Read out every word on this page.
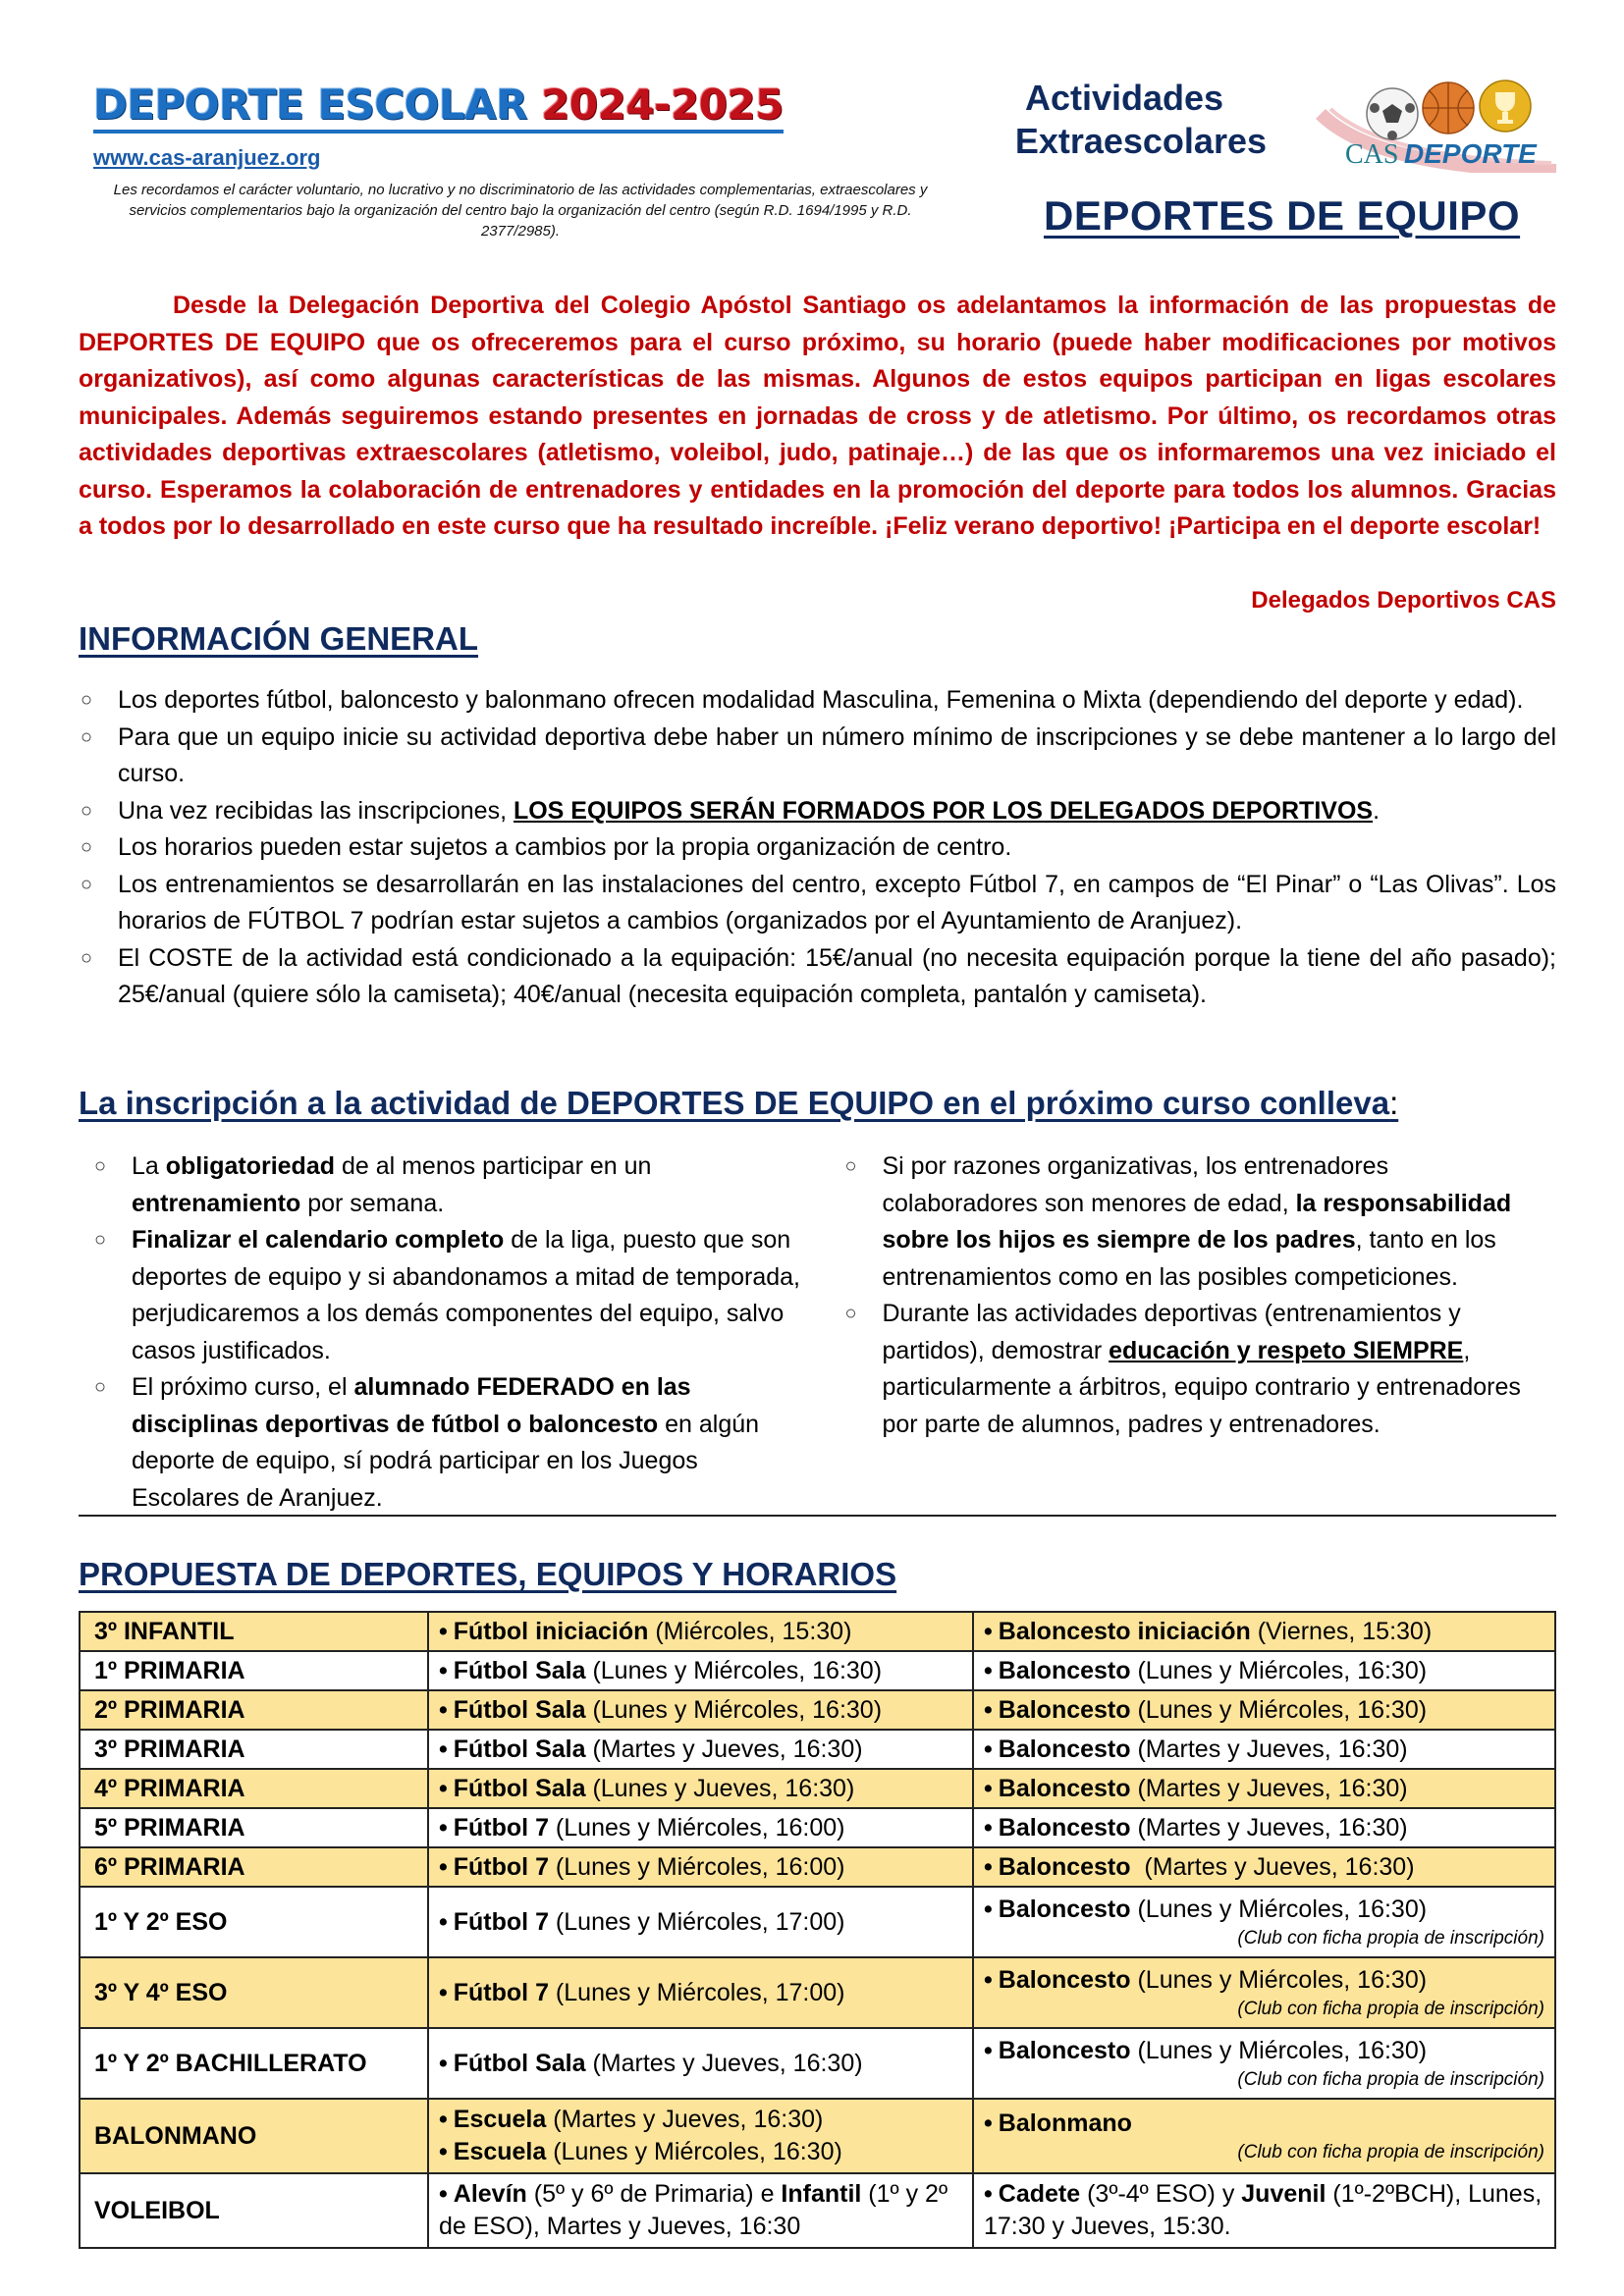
DEPORTE ESCOLAR 2024-2025
www.cas-aranjuez.org
Les recordamos el carácter voluntario, no lucrativo y no discriminatorio de las actividades complementarias, extraescolares y servicios complementarios bajo la organización del centro bajo la organización del centro (según R.D. 1694/1995 y R.D. 2377/2985).
Actividades
Extraescolares	CAS DEPORTE
DEPORTES DE EQUIPO
Desde la Delegación Deportiva del Colegio Apóstol Santiago os adelantamos la información de las propuestas de DEPORTES DE EQUIPO que os ofreceremos para el curso próximo, su horario (puede haber modificaciones por motivos organizativos), así como algunas características de las mismas. Algunos de estos equipos participan en ligas escolares municipales. Además seguiremos estando presentes en jornadas de cross y de atletismo. Por último, os recordamos otras actividades deportivas extraescolares (atletismo, voleibol, judo, patinaje…) de las que os informaremos una vez iniciado el curso. Esperamos la colaboración de entrenadores y entidades en la promoción del deporte para todos los alumnos. Gracias a todos por lo desarrollado en este curso que ha resultado increíble. ¡Feliz verano deportivo! ¡Participa en el deporte escolar!
Delegados Deportivos CAS
INFORMACIÓN GENERAL
○ Los deportes fútbol, baloncesto y balonmano ofrecen modalidad Masculina, Femenina o Mixta (dependiendo del deporte y edad).
○ Para que un equipo inicie su actividad deportiva debe haber un número mínimo de inscripciones y se debe mantener a lo largo del curso.
○ Una vez recibidas las inscripciones, LOS EQUIPOS SERÁN FORMADOS POR LOS DELEGADOS DEPORTIVOS.
○ Los horarios pueden estar sujetos a cambios por la propia organización de centro.
○ Los entrenamientos se desarrollarán en las instalaciones del centro, excepto Fútbol 7, en campos de “El Pinar” o “Las Olivas”. Los horarios de FÚTBOL 7 podrían estar sujetos a cambios (organizados por el Ayuntamiento de Aranjuez).
○ El COSTE de la actividad está condicionado a la equipación: 15€/anual (no necesita equipación porque la tiene del año pasado); 25€/anual (quiere sólo la camiseta); 40€/anual (necesita equipación completa, pantalón y camiseta).
La inscripción a la actividad de DEPORTES DE EQUIPO en el próximo curso conlleva:
○ La obligatoriedad de al menos participar en un entrenamiento por semana.
○ Finalizar el calendario completo de la liga, puesto que son deportes de equipo y si abandonamos a mitad de temporada, perjudicaremos a los demás componentes del equipo, salvo casos justificados.
○ El próximo curso, el alumnado FEDERADO en las disciplinas deportivas de fútbol o baloncesto en algún deporte de equipo, sí podrá participar en los Juegos Escolares de Aranjuez.
○ Si por razones organizativas, los entrenadores colaboradores son menores de edad, la responsabilidad sobre los hijos es siempre de los padres, tanto en los entrenamientos como en las posibles competiciones.
○ Durante las actividades deportivas (entrenamientos y partidos), demostrar educación y respeto SIEMPRE, particularmente a árbitros, equipo contrario y entrenadores por parte de alumnos, padres y entrenadores.
PROPUESTA DE DEPORTES, EQUIPOS Y HORARIOS
3º INFANTIL	• Fútbol iniciación (Miércoles, 15:30)	• Baloncesto iniciación (Viernes, 15:30)
1º PRIMARIA	• Fútbol Sala (Lunes y Miércoles, 16:30)	• Baloncesto (Lunes y Miércoles, 16:30)
2º PRIMARIA	• Fútbol Sala (Lunes y Miércoles, 16:30)	• Baloncesto (Lunes y Miércoles, 16:30)
3º PRIMARIA	• Fútbol Sala (Martes y Jueves, 16:30)	• Baloncesto (Martes y Jueves, 16:30)
4º PRIMARIA	• Fútbol Sala (Lunes y Jueves, 16:30)	• Baloncesto (Martes y Jueves, 16:30)
5º PRIMARIA	• Fútbol 7 (Lunes y Miércoles, 16:00)	• Baloncesto (Martes y Jueves, 16:30)
6º PRIMARIA	• Fútbol 7 (Lunes y Miércoles, 16:00)	• Baloncesto  (Martes y Jueves, 16:30)
1º Y 2º ESO	• Fútbol 7 (Lunes y Miércoles, 17:00)	• Baloncesto (Lunes y Miércoles, 16:30)
(Club con ficha propia de inscripción)

3º Y 4º ESO	• Fútbol 7 (Lunes y Miércoles, 17:00)	• Baloncesto (Lunes y Miércoles, 16:30)
(Club con ficha propia de inscripción)

1º Y 2º BACHILLERATO	• Fútbol Sala (Martes y Jueves, 16:30)	• Baloncesto (Lunes y Miércoles, 16:30)
(Club con ficha propia de inscripción)

BALONMANO	
• Escuela (Martes y Jueves, 16:30)
• Escuela (Lunes y Miércoles, 16:30)
	• Balonmano
(Club con ficha propia de inscripción)

VOLEIBOL	• Alevín (5º y 6º de Primaria) e Infantil (1º y 2º de ESO), Martes y Jueves, 16:30	• Cadete (3º-4º ESO) y Juvenil (1º-2ºBCH), Lunes, 17:30 y Jueves, 15:30.
